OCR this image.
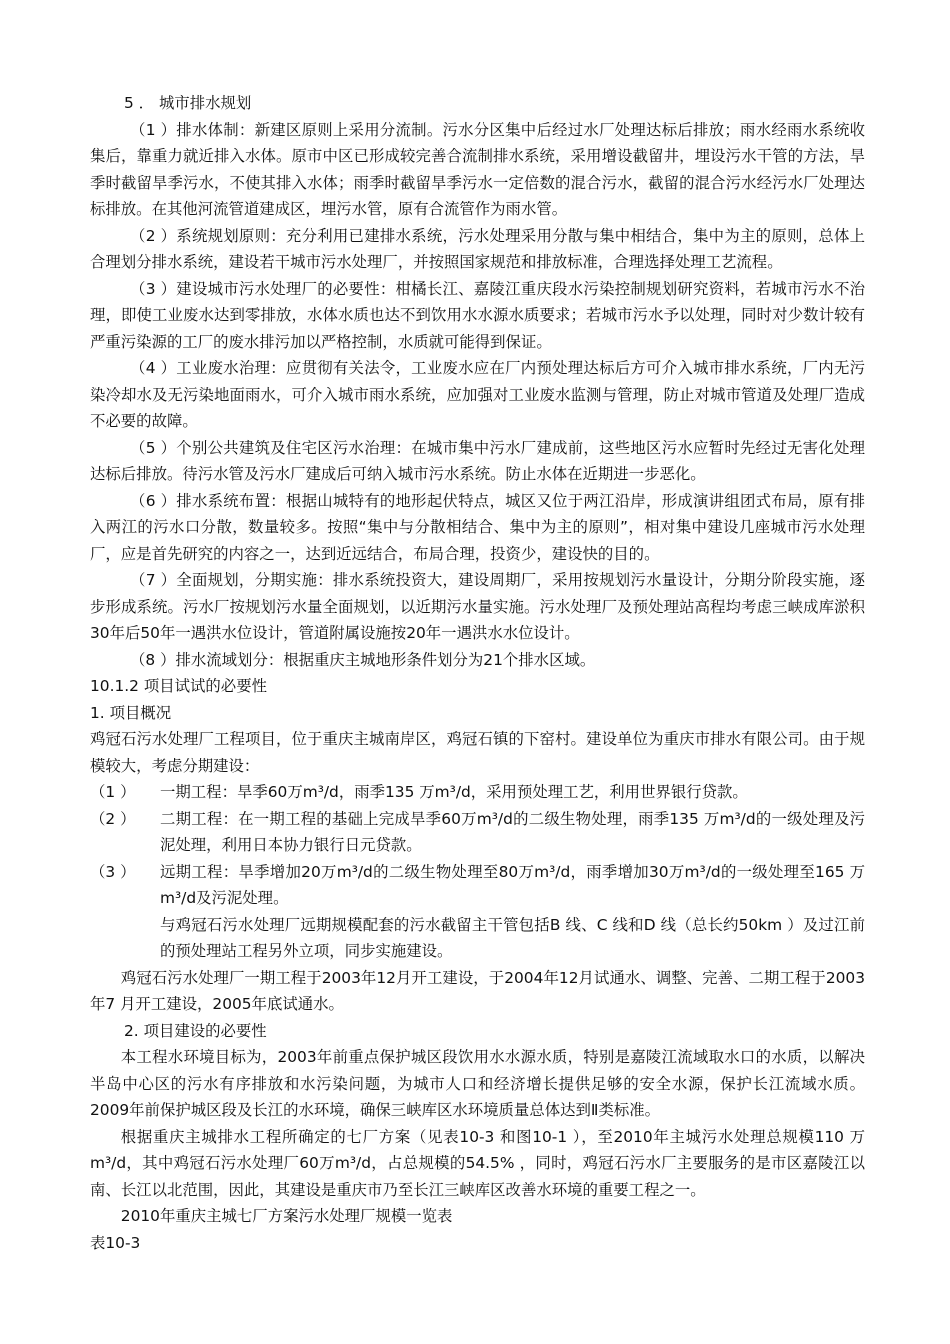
5 ． 城市排水规划

（1 ）排水体制：新建区原则上采用分流制。污水分区集中后经过水厂处理达标后排放；雨水经雨水系统收集后，靠重力就近排入水体。原市中区已形成较完善合流制排水系统，采用增设截留井，埋设污水干管的方法，旱季时截留旱季污水，不使其排入水体；雨季时截留旱季污水一定倍数的混合污水，截留的混合污水经污水厂处理达标排放。在其他河流管道建成区，埋污水管，原有合流管作为雨水管。

（2 ）系统规划原则：充分利用已建排水系统，污水处理采用分散与集中相结合，集中为主的原则，总体上合理划分排水系统，建设若干城市污水处理厂，并按照国家规范和排放标准，合理选择处理工艺流程。

（3 ）建设城市污水处理厂的必要性：柑橘长江、嘉陵江重庆段水污染控制规划研究资料，若城市污水不治理，即使工业废水达到零排放，水体水质也达不到饮用水水源水质要求；若城市污水予以处理，同时对少数计较有严重污染源的工厂的废水排污加以严格控制，水质就可能得到保证。

（4 ）工业废水治理：应贯彻有关法令，工业废水应在厂内预处理达标后方可介入城市排水系统，厂内无污染冷却水及无污染地面雨水，可介入城市雨水系统，应加强对工业废水监测与管理，防止对城市管道及处理厂造成不必要的故障。

（5 ）个别公共建筑及住宅区污水治理：在城市集中污水厂建成前，这些地区污水应暂时先经过无害化处理达标后排放。待污水管及污水厂建成后可纳入城市污水系统。防止水体在近期进一步恶化。

（6 ）排水系统布置：根据山城特有的地形起伏特点，城区又位于两江沿岸，形成演讲组团式布局，原有排入两江的污水口分散，数量较多。按照“集中与分散相结合、集中为主的原则”，相对集中建设几座城市污水处理厂，应是首先研究的内容之一，达到近远结合，布局合理，投资少，建设快的目的。

（7 ）全面规划，分期实施：排水系统投资大，建设周期厂，采用按规划污水量设计，分期分阶段实施，逐步形成系统。污水厂按规划污水量全面规划，以近期污水量实施。污水处理厂及预处理站高程均考虑三峡成库淤积30年后50年一遇洪水位设计，管道附属设施按20年一遇洪水水位设计。

（8 ）排水流域划分：根据重庆主城地形条件划分为21个排水区域。

10.1.2 项目试试的必要性

1. 项目概况

鸡冠石污水处理厂工程项目，位于重庆主城南岸区，鸡冠石镇的下窑村。建设单位为重庆市排水有限公司。由于规模较大，考虑分期建设：

（1 ）	一期工程：旱季60万m³/d，雨季135 万m³/d，采用预处理工艺，利用世界银行贷款。
（2 ）	二期工程：在一期工程的基础上完成旱季60万m³/d的二级生物处理，雨季135 万m³/d的一级处理及污泥处理，利用日本协力银行日元贷款。
（3 ）	远期工程：旱季增加20万m³/d的二级生物处理至80万m³/d，雨季增加30万m³/d的一级处理至165 万m³/d及污泥处理。

与鸡冠石污水处理厂远期规模配套的污水截留主干管包括B 线、C 线和D 线（总长约50km ）及过江前的预处理站工程另外立项，同步实施建设。

鸡冠石污水处理厂一期工程于2003年12月开工建设，于2004年12月试通水、调整、完善、二期工程于2003年7 月开工建设，2005年底试通水。

2. 项目建设的必要性

本工程水环境目标为，2003年前重点保护城区段饮用水水源水质，特别是嘉陵江流域取水口的水质，以解决半岛中心区的污水有序排放和水污染问题，为城市人口和经济增长提供足够的安全水源，保护长江流域水质。2009年前保护城区段及长江的水环境，确保三峡库区水环境质量总体达到Ⅱ类标准。

根据重庆主城排水工程所确定的七厂方案（见表10-3 和图10-1 ），至2010年主城污水处理总规模110 万m³/d，其中鸡冠石污水处理厂60万m³/d，占总规模的54.5% ，同时，鸡冠石污水厂主要服务的是市区嘉陵江以南、长江以北范围，因此，其建设是重庆市乃至长江三峡库区改善水环境的重要工程之一。

2010年重庆主城七厂方案污水处理厂规模一览表

表10-3
